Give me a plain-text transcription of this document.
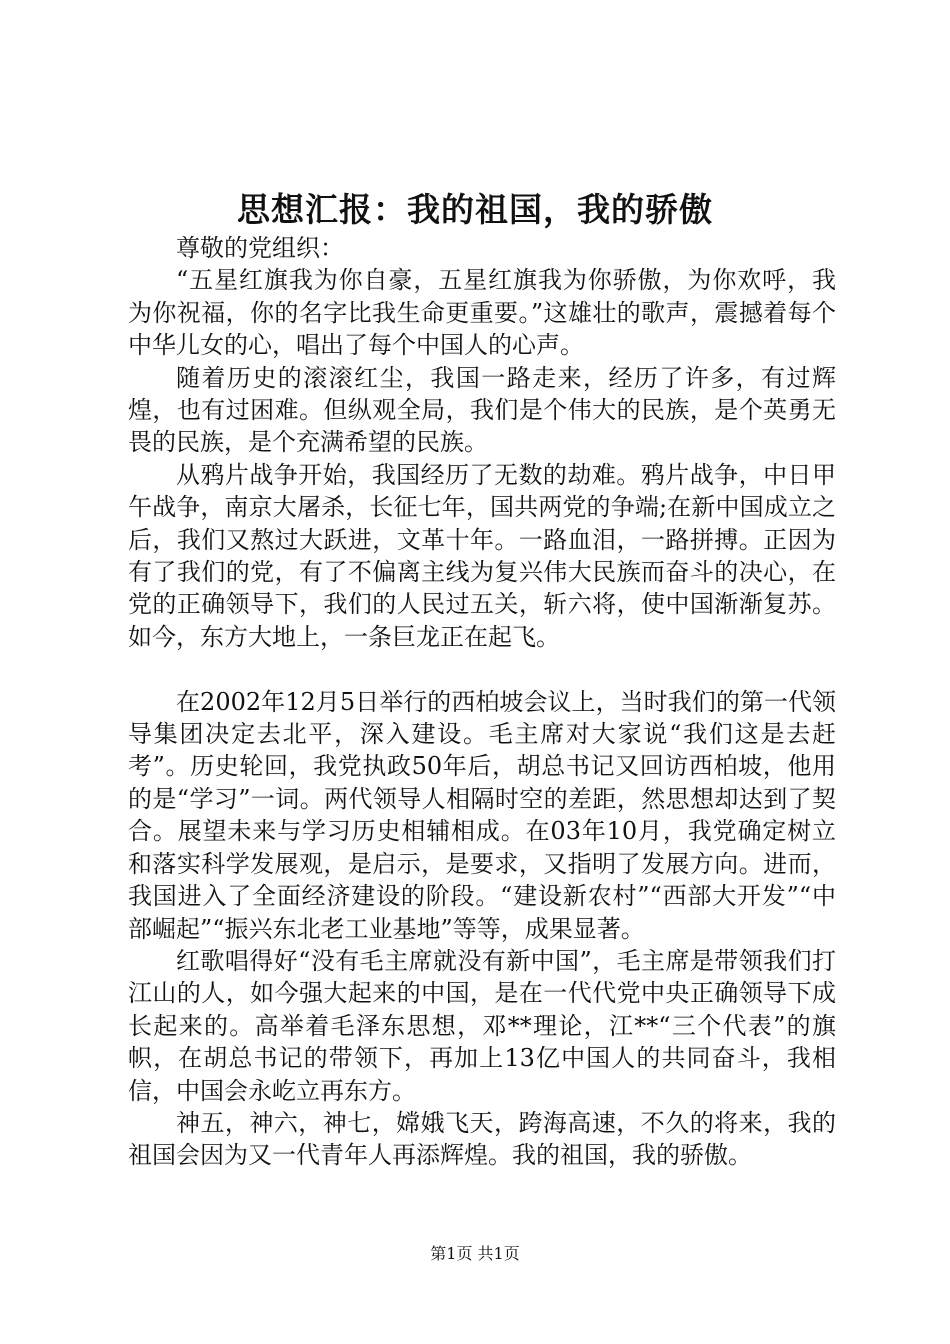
思想汇报：我的祖国，我的骄傲

尊敬的党组织：

“五星红旗我为你自豪，五星红旗我为你骄傲，为你欢呼，我为你祝福，你的名字比我生命更重要。”这雄壮的歌声，震撼着每个中华儿女的心，唱出了每个中国人的心声。

随着历史的滚滚红尘，我国一路走来，经历了许多，有过辉煌，也有过困难。但纵观全局，我们是个伟大的民族，是个英勇无畏的民族，是个充满希望的民族。

从鸦片战争开始，我国经历了无数的劫难。鸦片战争，中日甲午战争，南京大屠杀，长征七年，国共两党的争端;在新中国成立之后，我们又熬过大跃进，文革十年。一路血泪，一路拼搏。正因为有了我们的党，有了不偏离主线为复兴伟大民族而奋斗的决心，在党的正确领导下，我们的人民过五关，斩六将，使中国渐渐复苏。如今，东方大地上，一条巨龙正在起飞。

在2002年12月5日举行的西柏坡会议上，当时我们的第一代领导集团决定去北平，深入建设。毛主席对大家说“我们这是去赶考”。历史轮回，我党执政50年后，胡总书记又回访西柏坡，他用的是“学习”一词。两代领导人相隔时空的差距，然思想却达到了契合。展望未来与学习历史相辅相成。在03年10月，我党确定树立和落实科学发展观，是启示，是要求，又指明了发展方向。进而，我国进入了全面经济建设的阶段。“建设新农村”“西部大开发”“中部崛起”“振兴东北老工业基地”等等，成果显著。

红歌唱得好“没有毛主席就没有新中国”，毛主席是带领我们打江山的人，如今强大起来的中国，是在一代代党中央正确领导下成长起来的。高举着毛泽东思想，邓**理论，江**“三个代表”的旗帜，在胡总书记的带领下，再加上13亿中国人的共同奋斗，我相信，中国会永屹立再东方。

神五，神六，神七，嫦娥飞天，跨海高速，不久的将来，我的祖国会因为又一代青年人再添辉煌。我的祖国，我的骄傲。

第1页 共1页
